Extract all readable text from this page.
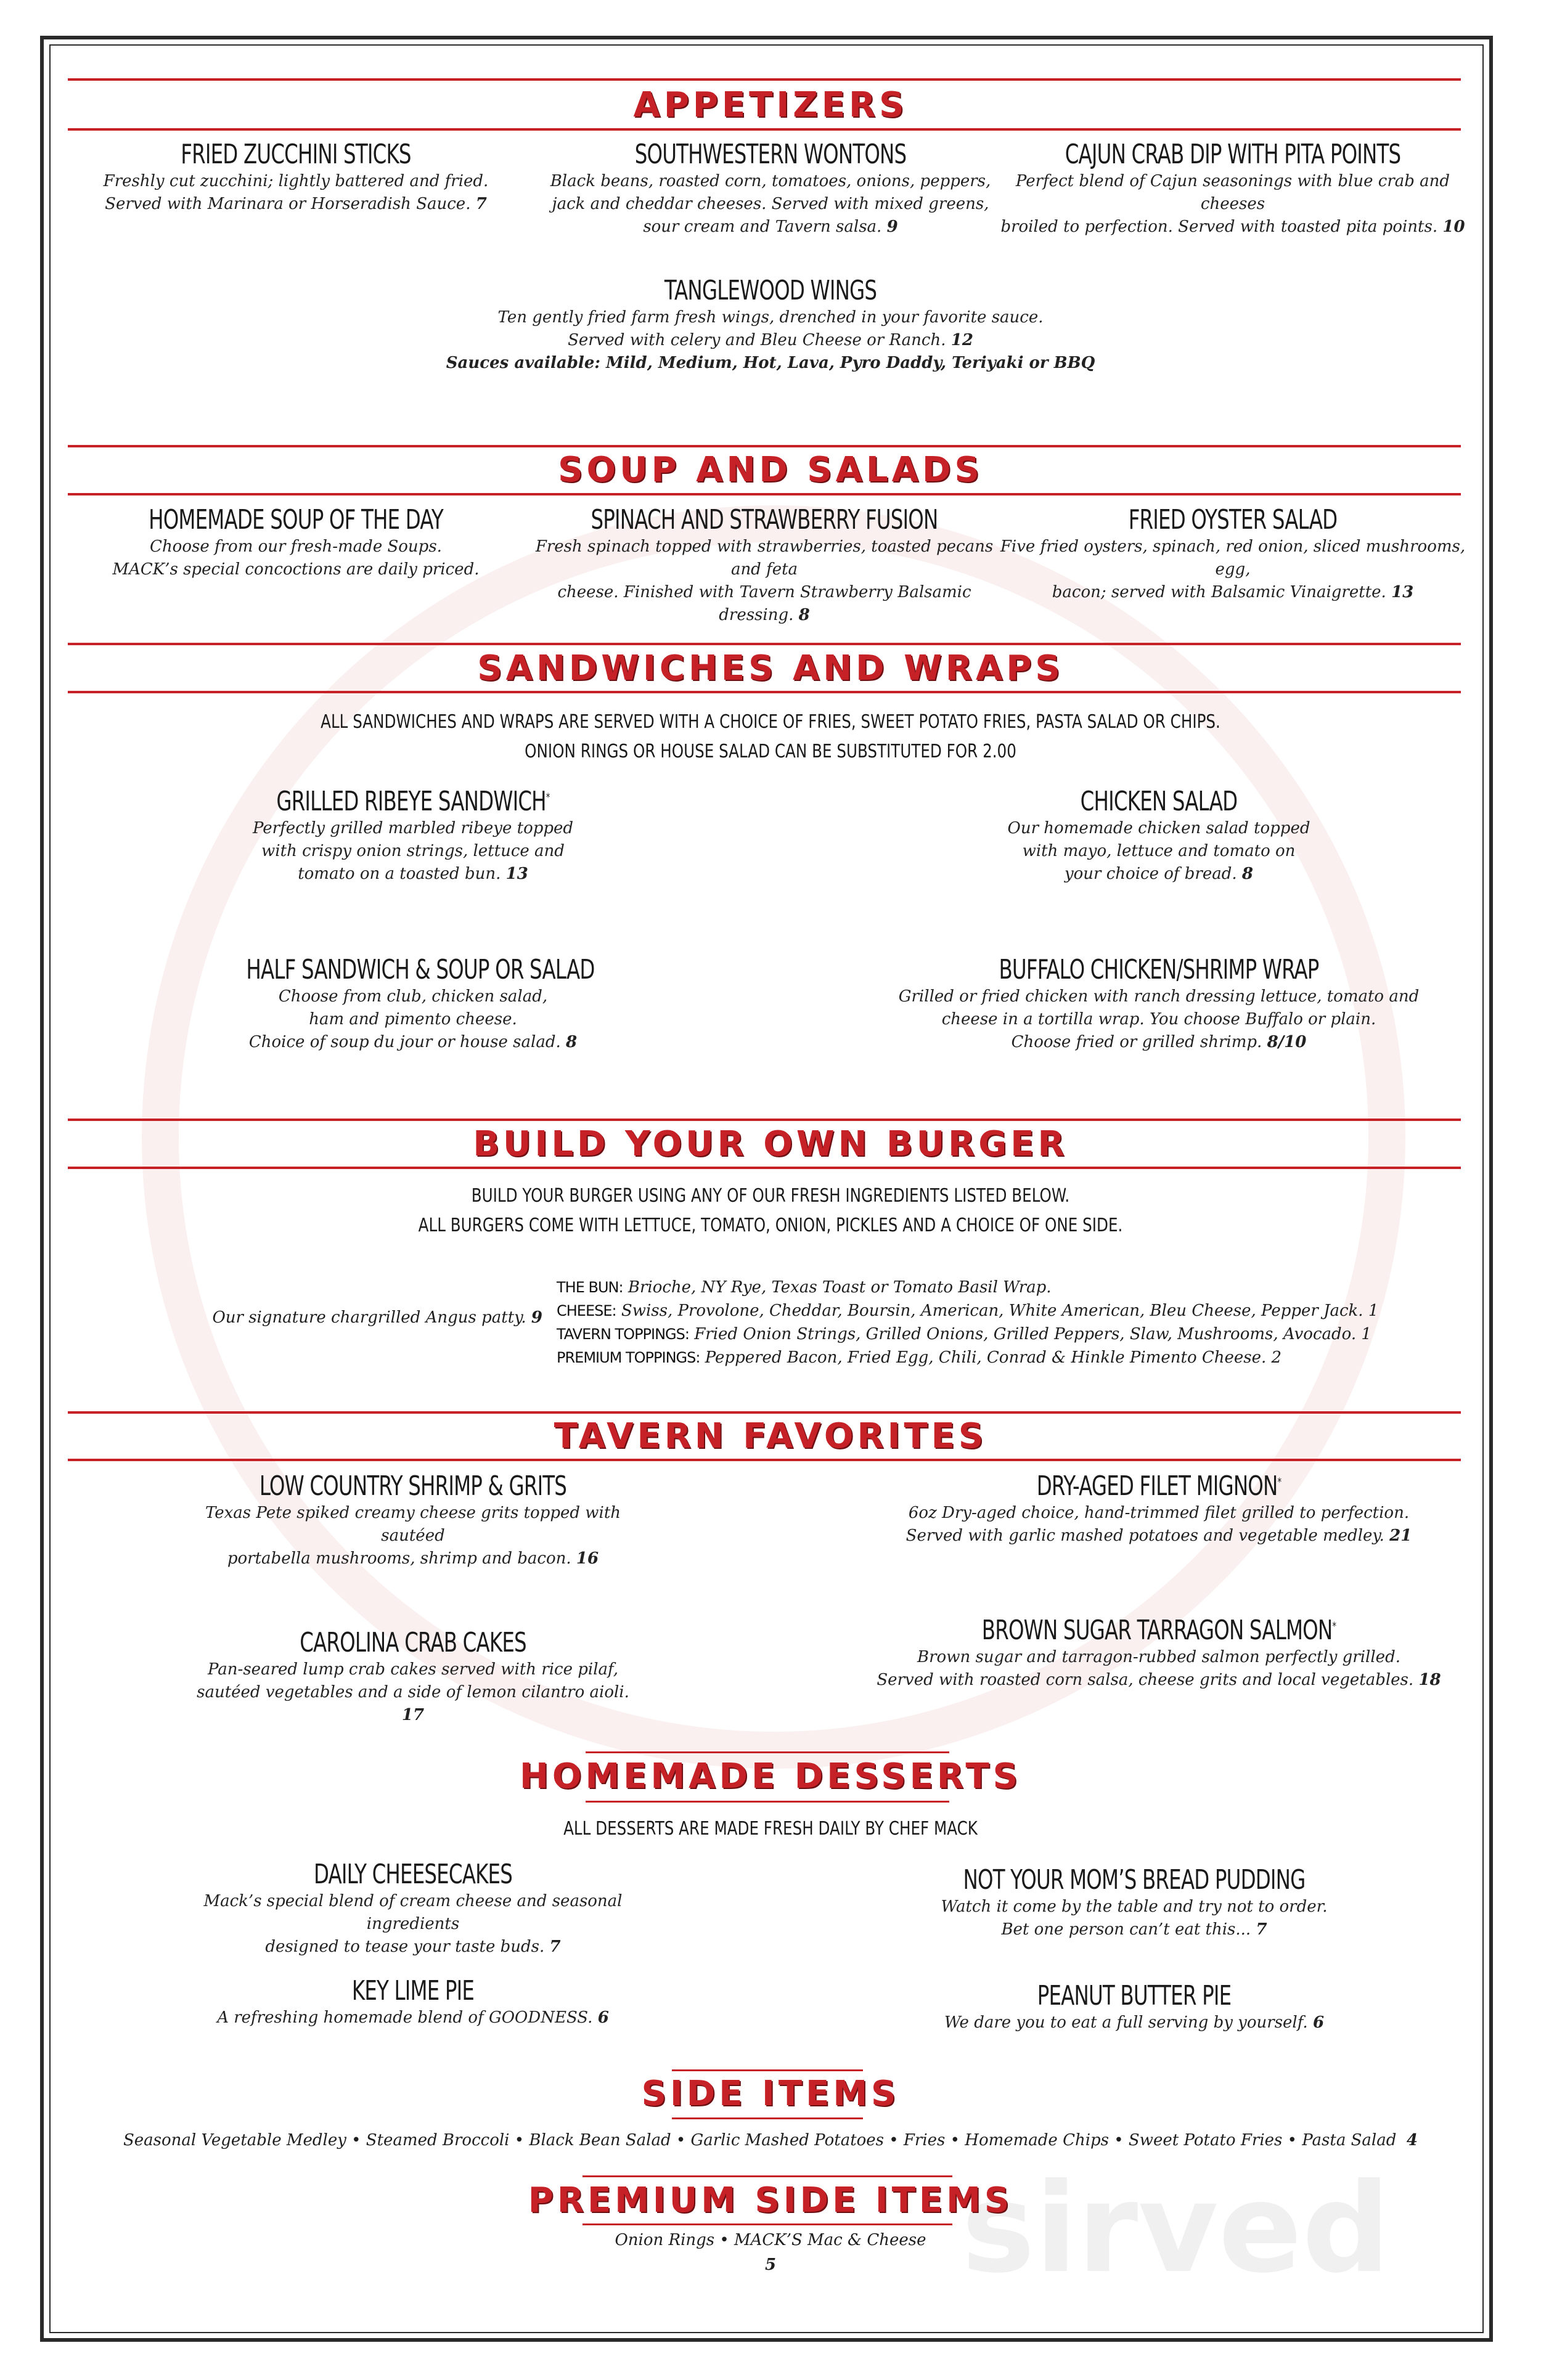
sirved
APPETIZERS
FRIED ZUCCHINI STICKS
Freshly cut zucchini; lightly battered and fried.
Served with Marinara or Horseradish Sauce. 7
SOUTHWESTERN WONTONS
Black beans, roasted corn, tomatoes, onions, peppers,
jack and cheddar cheeses. Served with mixed greens,
sour cream and Tavern salsa. 9
CAJUN CRAB DIP WITH PITA POINTS
Perfect blend of Cajun seasonings with blue crab and cheeses
broiled to perfection. Served with toasted pita points. 10
TANGLEWOOD WINGS
Ten gently fried farm fresh wings, drenched in your favorite sauce.
Served with celery and Bleu Cheese or Ranch. 12
Sauces available: Mild, Medium, Hot, Lava, Pyro Daddy, Teriyaki or BBQ
SOUP AND SALADS
HOMEMADE SOUP OF THE DAY
Choose from our fresh-made Soups.
MACK’s special concoctions are daily priced.
SPINACH AND STRAWBERRY FUSION
Fresh spinach topped with strawberries, toasted pecans and feta
cheese. Finished with Tavern Strawberry Balsamic dressing. 8
FRIED OYSTER SALAD
Five fried oysters, spinach, red onion, sliced mushrooms, egg,
bacon; served with Balsamic Vinaigrette. 13
SANDWICHES AND WRAPS
ALL SANDWICHES AND WRAPS ARE SERVED WITH A CHOICE OF FRIES, SWEET POTATO FRIES, PASTA SALAD OR CHIPS.
ONION RINGS OR HOUSE SALAD CAN BE SUBSTITUTED FOR 2.00
GRILLED RIBEYE SANDWICH*
Perfectly grilled marbled ribeye topped
with crispy onion strings, lettuce and
tomato on a toasted bun. 13
CHICKEN SALAD
Our homemade chicken salad topped
with mayo, lettuce and tomato on
your choice of bread. 8
HALF SANDWICH & SOUP OR SALAD
Choose from club, chicken salad,
ham and pimento cheese.
Choice of soup du jour or house salad. 8
BUFFALO CHICKEN/SHRIMP WRAP
Grilled or fried chicken with ranch dressing lettuce, tomato and
cheese in a tortilla wrap. You choose Buffalo or plain.
Choose fried or grilled shrimp. 8/10
BUILD YOUR OWN BURGER
BUILD YOUR BURGER USING ANY OF OUR FRESH INGREDIENTS LISTED BELOW.
ALL BURGERS COME WITH LETTUCE, TOMATO, ONION, PICKLES AND A CHOICE OF ONE SIDE.
Our signature chargrilled Angus patty. 9
THE BUN: Brioche, NY Rye, Texas Toast or Tomato Basil Wrap.
CHEESE: Swiss, Provolone, Cheddar, Boursin, American, White American, Bleu Cheese, Pepper Jack. 1
TAVERN TOPPINGS: Fried Onion Strings, Grilled Onions, Grilled Peppers, Slaw, Mushrooms, Avocado. 1
PREMIUM TOPPINGS: Peppered Bacon, Fried Egg, Chili, Conrad & Hinkle Pimento Cheese. 2
TAVERN FAVORITES
LOW COUNTRY SHRIMP & GRITS
Texas Pete spiked creamy cheese grits topped with sautéed
portabella mushrooms, shrimp and bacon. 16
DRY-AGED FILET MIGNON*
6oz Dry-aged choice, hand-trimmed filet grilled to perfection.
Served with garlic mashed potatoes and vegetable medley. 21
CAROLINA CRAB CAKES
Pan-seared lump crab cakes served with rice pilaf,
sautéed vegetables and a side of lemon cilantro aioli. 17
BROWN SUGAR TARRAGON SALMON*
Brown sugar and tarragon-rubbed salmon perfectly grilled.
Served with roasted corn salsa, cheese grits and local vegetables. 18
HOMEMADE DESSERTS
ALL DESSERTS ARE MADE FRESH DAILY BY CHEF MACK
DAILY CHEESECAKES
Mack’s special blend of cream cheese and seasonal ingredients
designed to tease your taste buds. 7
NOT YOUR MOM’S BREAD PUDDING
Watch it come by the table and try not to order.
Bet one person can’t eat this... 7
KEY LIME PIE
A refreshing homemade blend of GOODNESS. 6
PEANUT BUTTER PIE
We dare you to eat a full serving by yourself. 6
SIDE ITEMS
Seasonal Vegetable Medley • Steamed Broccoli • Black Bean Salad • Garlic Mashed Potatoes • Fries • Homemade Chips • Sweet Potato Fries • Pasta Salad 4
PREMIUM SIDE ITEMS
Onion Rings • MACK’S Mac & Cheese
5
